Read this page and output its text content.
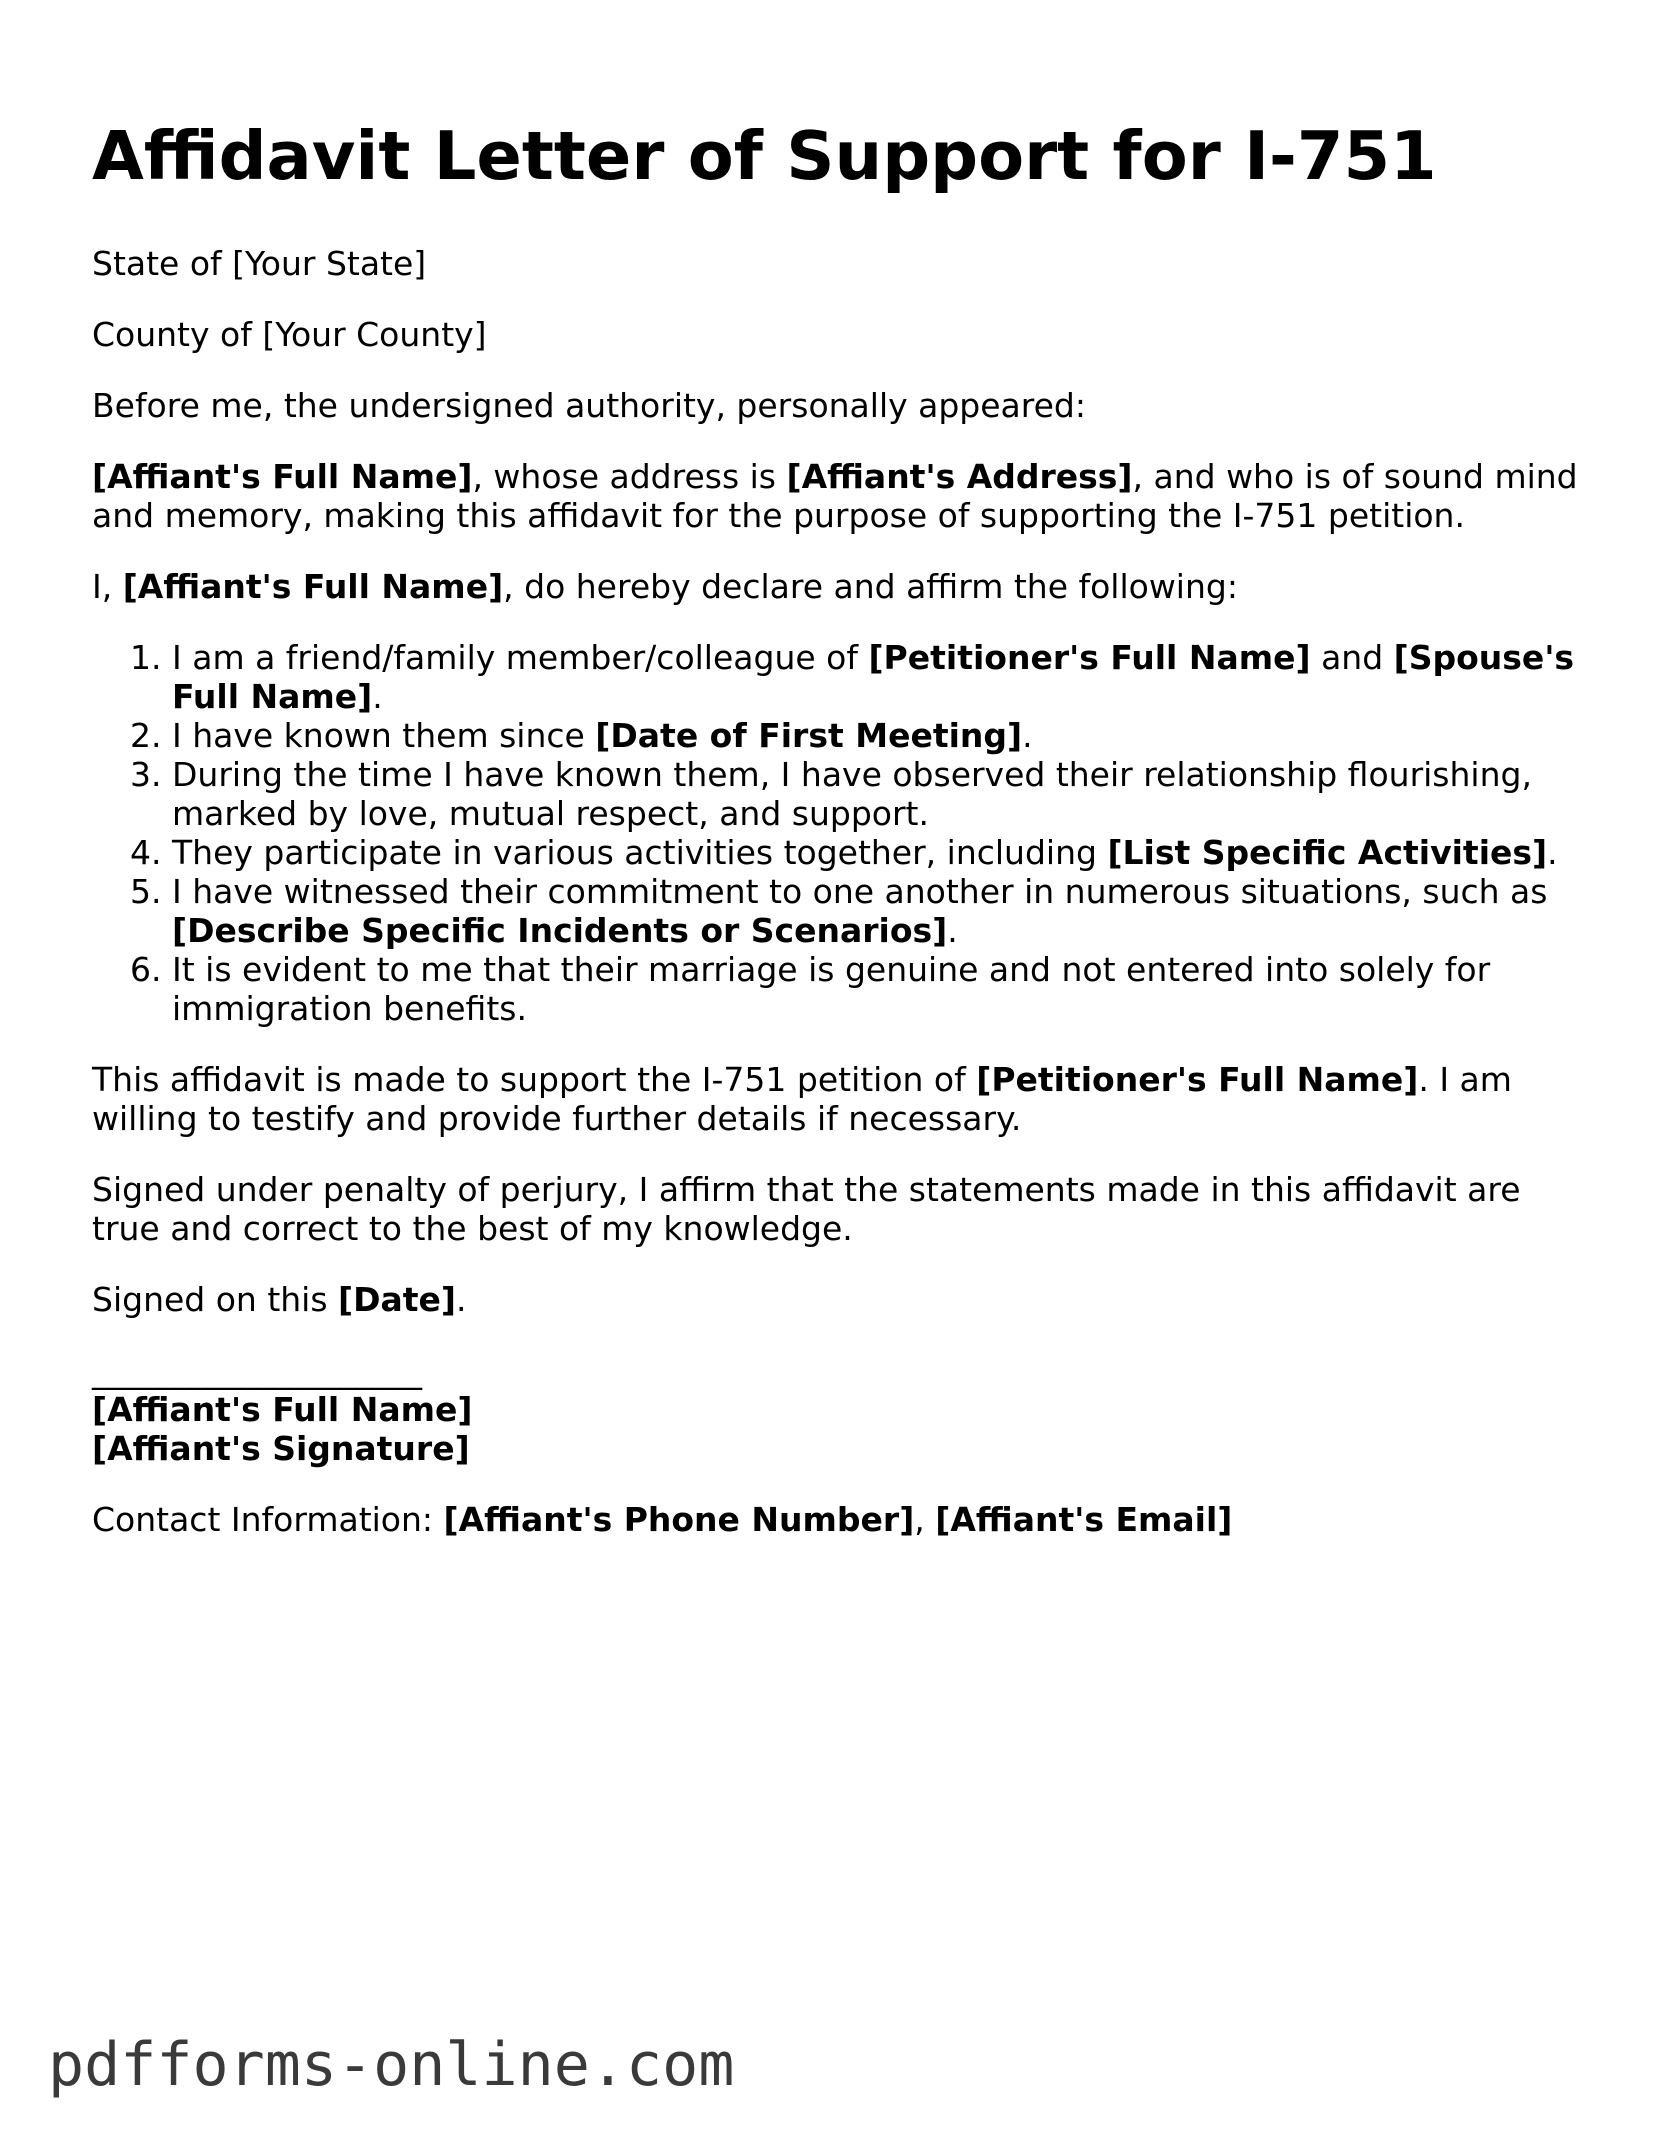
Affidavit Letter of Support for I-751

State of [Your State]

County of [Your County]

Before me, the undersigned authority, personally appeared:

[Affiant's Full Name], whose address is [Affiant's Address], and who is of sound mind and memory, making this affidavit for the purpose of supporting the I-751 petition.

I, [Affiant's Full Name], do hereby declare and affirm the following:

1. I am a friend/family member/colleague of [Petitioner's Full Name] and [Spouse's Full Name].
2. I have known them since [Date of First Meeting].
3. During the time I have known them, I have observed their relationship flourishing, marked by love, mutual respect, and support.
4. They participate in various activities together, including [List Specific Activities].
5. I have witnessed their commitment to one another in numerous situations, such as [Describe Specific Incidents or Scenarios].
6. It is evident to me that their marriage is genuine and not entered into solely for immigration benefits.

This affidavit is made to support the I-751 petition of [Petitioner's Full Name]. I am willing to testify and provide further details if necessary.

Signed under penalty of perjury, I affirm that the statements made in this affidavit are true and correct to the best of my knowledge.

Signed on this [Date].

____________________
[Affiant's Full Name]
[Affiant's Signature]

Contact Information: [Affiant's Phone Number], [Affiant's Email]

pdfforms-online.com
